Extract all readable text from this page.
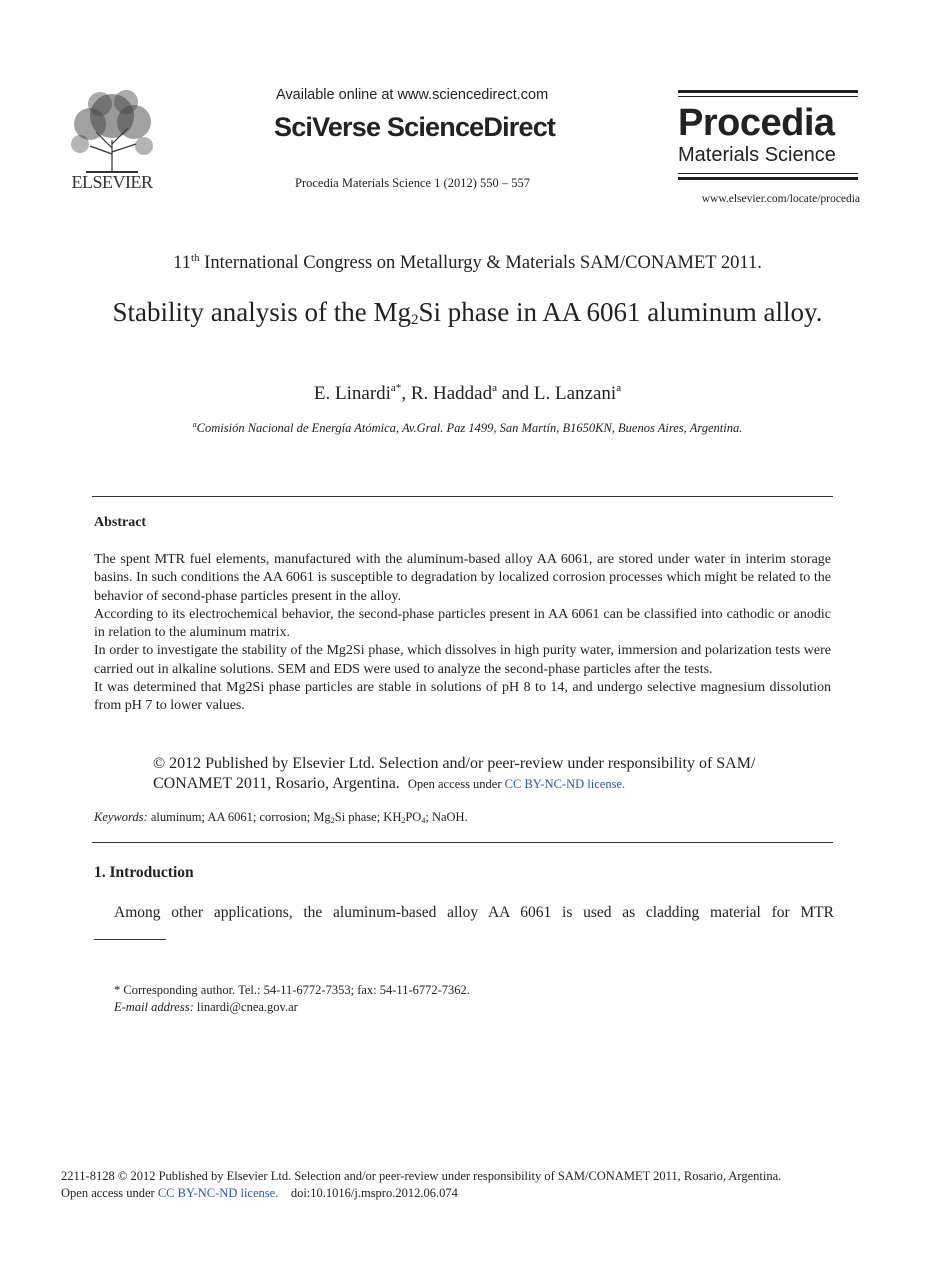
ELSEVIER
Available online at www.sciencedirect.com
SciVerse ScienceDirect
Procedia Materials Science 1 (2012) 550 – 557
Procedia
Materials Science
www.elsevier.com/locate/procedia
11th International Congress on Metallurgy & Materials SAM/CONAMET 2011.
Stability analysis of the $Mg_2Si$ phase in AA 6061 aluminum alloy.
E. Linardi$^{a*}$, R. Haddad$^a$ and L. Lanzani$^a$
$^a$Comisión Nacional de Energía Atómica, Av.Gral. Paz 1499, San Martín, B1650KN, Buenos Aires, Argentina.
Abstract

The spent MTR fuel elements, manufactured with the aluminum-based alloy AA 6061, are stored under water in interim storage basins. In such conditions the AA 6061 is susceptible to degradation by localized corrosion processes which might be related to the behavior of second-phase particles present in the alloy.

According to its electrochemical behavior, the second-phase particles present in AA 6061 can be classified into cathodic or anodic in relation to the aluminum matrix.

In order to investigate the stability of the Mg2Si phase, which dissolves in high purity water, immersion and polarization tests were carried out in alkaline solutions. SEM and EDS were used to analyze the second-phase particles after the tests.

It was determined that Mg2Si phase particles are stable in solutions of pH 8 to 14, and undergo selective magnesium dissolution from pH 7 to lower values.

© 2012 Published by Elsevier Ltd. Selection and/or peer-review under responsibility of SAM/ CONAMET 2011, Rosario, Argentina. Open access under CC BY-NC-ND license.
Keywords: aluminum; AA 6061; corrosion; $Mg_2Si$ phase; $KH_2PO_4$; NaOH.
1. Introduction
Among other applications, the aluminum-based alloy AA 6061 is used as cladding material for MTR
* Corresponding author. Tel.: 54-11-6772-7353; fax: 54-11-6772-7362.
E-mail address: linardi@cnea.gov.ar
2211-8128 © 2012 Published by Elsevier Ltd. Selection and/or peer-review under responsibility of SAM/CONAMET 2011, Rosario, Argentina.
Open access under CC BY-NC-ND license. doi:10.1016/j.mspro.2012.06.074
